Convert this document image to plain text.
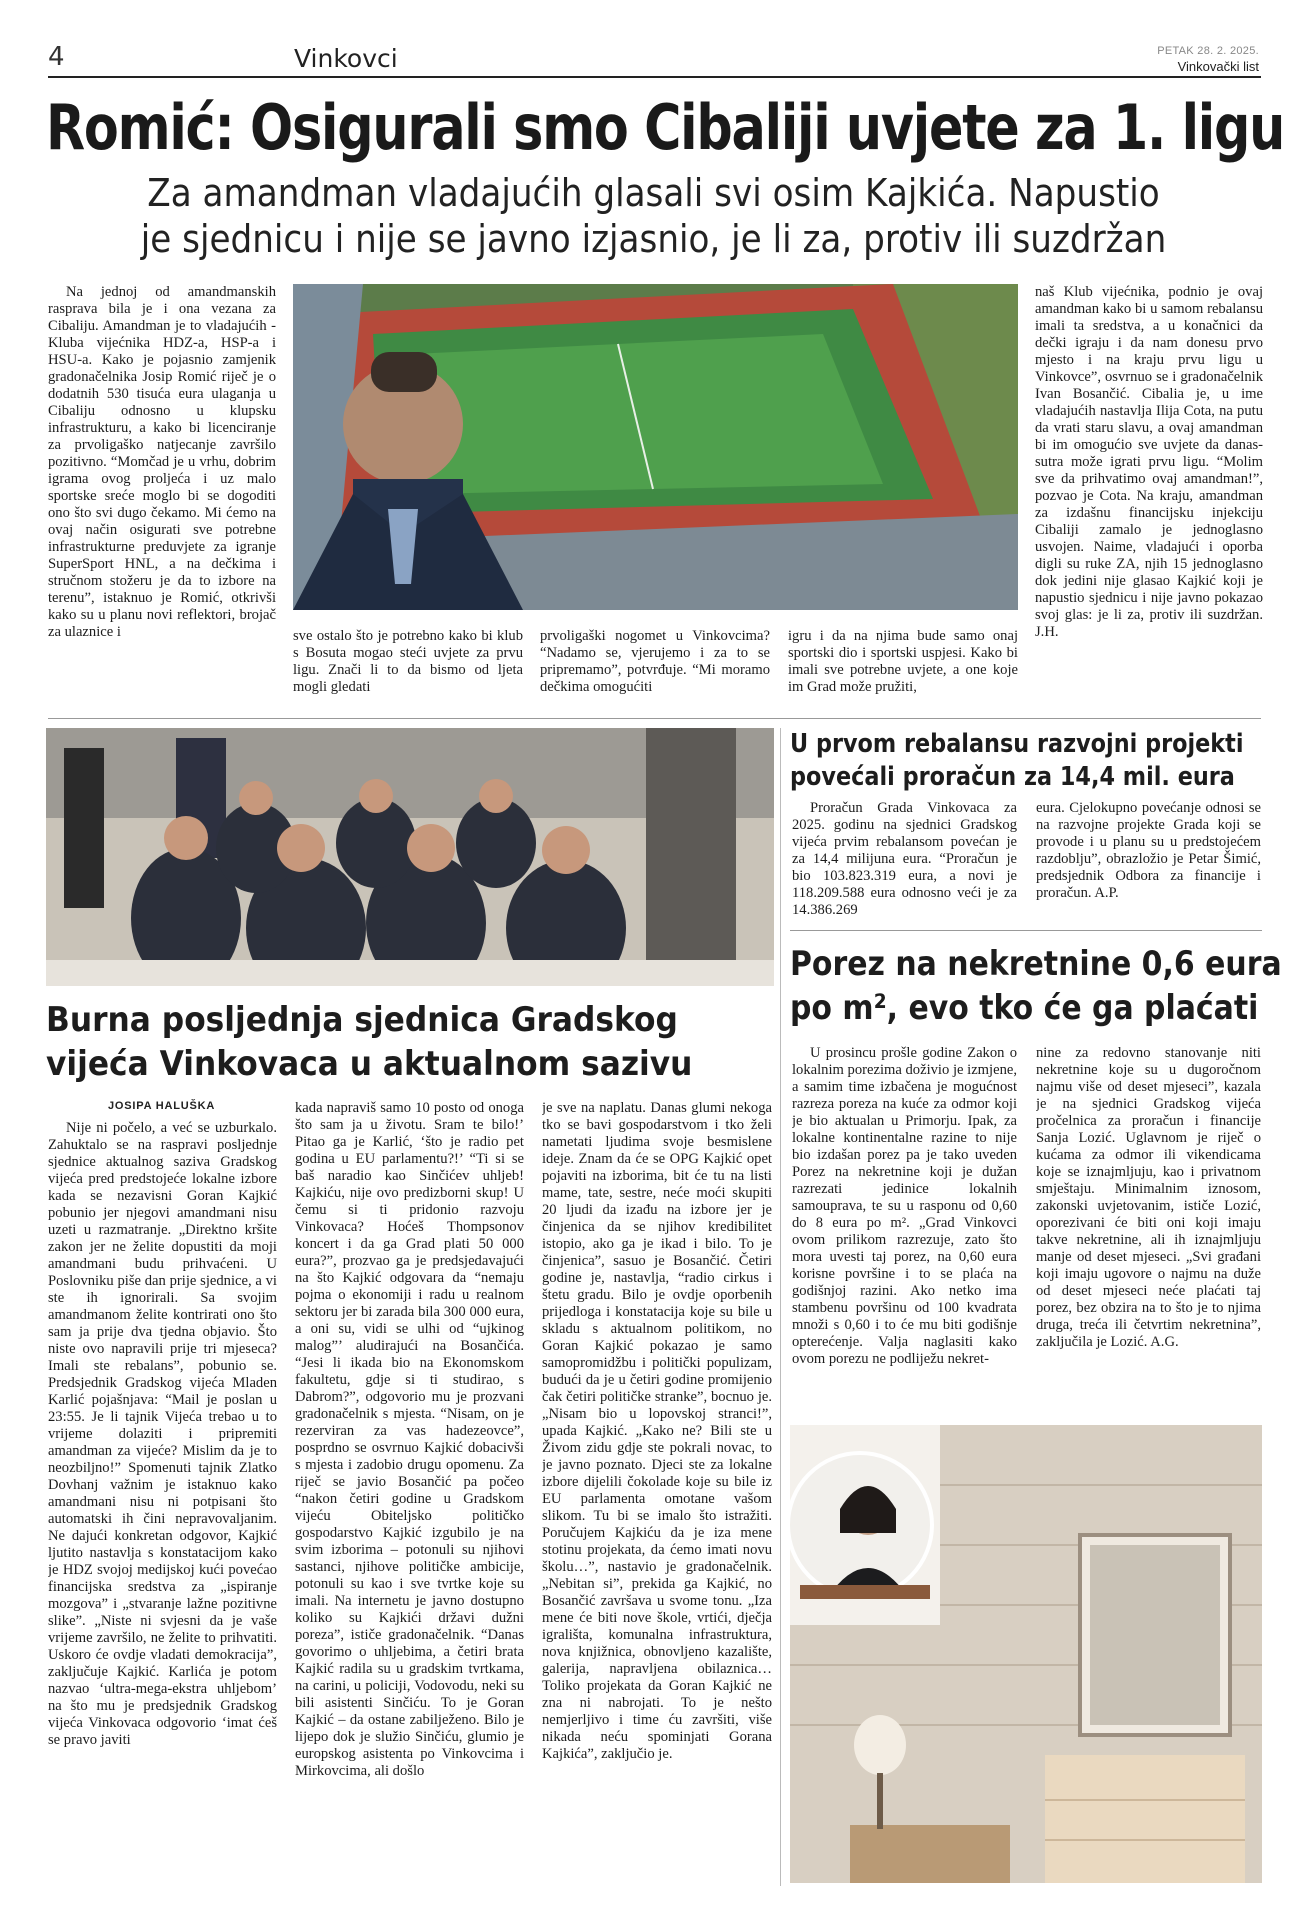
4	Vinkovci	PETAK 28. 2. 2025.
Vinkovački list
Romić: Osigurali smo Cibaliji uvjete za 1. ligu
Za amandman vladajućih glasali svi osim Kajkića. Napustio
je sjednicu i nije se javno izjasnio, je li za, protiv ili suzdržan

Na jednoj od amandmanskih rasprava bila je i ona vezana za Cibaliju. Amandman je to vladajućih - Kluba vijećnika HDZ-a, HSP-a i HSU-a. Kako je pojasnio zamjenik gradonačelnika Josip Romić riječ je o dodatnih 530 tisuća eura ulaganja u Cibaliju odnosno u klupsku infrastrukturu, a kako bi licenciranje za prvoligaško natjecanje završilo pozitivno. “Momčad je u vrhu, dobrim igrama ovog proljeća i uz malo sportske sreće moglo bi se dogoditi ono što svi dugo čekamo. Mi ćemo na ovaj način osigurati sve potrebne infrastrukturne preduvjete za igranje SuperSport HNL, a na dečkima i stručnom stožeru je da to izbore na terenu”, istaknuo je Romić, otkrivši kako su u planu novi reflektori, brojač za ulaznice i	sve ostalo što je potrebno kako bi klub s Bosuta mogao steći uvjete za prvu ligu. Znači li to da bismo od ljeta mogli gledati

prvoligaški nogomet u Vinkovcima? “Nadamo se, vjerujemo i za to se pripremamo”, potvrđuje. “Mi moramo dečkima omogućiti

igru i da na njima bude samo onaj sportski dio i sportski uspjesi. Kako bi imali sve potrebne uvjete, a one koje im Grad može pružiti,

naš Klub vijećnika, podnio je ovaj amandman kako bi u samom rebalansu imali ta sredstva, a u konačnici da dečki igraju i da nam donesu prvo mjesto i na kraju prvu ligu u Vinkovce”, osvrnuo se i gradonačelnik Ivan Bosančić. Cibalia je, u ime vladajućih nastavlja Ilija Cota, na putu da vrati staru slavu, a ovaj amandman bi im omogućio sve uvjete da danas-sutra može igrati prvu ligu. “Molim sve da prihvatimo ovaj amandman!”, pozvao je Cota. Na kraju, amandman za izdašnu financijsku injekciju Cibaliji zamalo je jednoglasno usvojen. Naime, vladajući i oporba digli su ruke ZA, njih 15 jednoglasno dok jedini nije glasao Kajkić koji je napustio sjednicu i nije javno pokazao svoj glas: je li za, protiv ili suzdržan. J.H.

Burna posljednja sjednica Gradskog
vijeća Vinkovaca u aktualnom sazivu
JOSIPA HALUŠKA

Nije ni počelo, a već se uzburkalo. Zahuktalo se na raspravi posljednje sjednice aktualnog saziva Gradskog vijeća pred predstojeće lokalne izbore kada se nezavisni Goran Kajkić pobunio jer njegovi amandmani nisu uzeti u razmatranje. „Direktno kršite zakon jer ne želite dopustiti da moji amandmani budu prihvaćeni. U Poslovniku piše dan prije sjednice, a vi ste ih ignorirali. Sa svojim amandmanom želite kontrirati ono što sam ja prije dva tjedna objavio. Što niste ovo napravili prije tri mjeseca? Imali ste rebalans”, pobunio se. Predsjednik Gradskog vijeća Mladen Karlić pojašnjava: “Mail je poslan u 23:55. Je li tajnik Vijeća trebao u to vrijeme dolaziti i pripremiti amandman za vijeće? Mislim da je to neozbiljno!” Spomenuti tajnik Zlatko Dovhanj važnim je istaknuo kako amandmani nisu ni potpisani što automatski ih čini nepravovaljanim. Ne dajući konkretan odgovor, Kajkić ljutito nastavlja s konstatacijom kako je HDZ svojoj medijskoj kući povećao financijska sredstva za „ispiranje mozgova” i „stvaranje lažne pozitivne slike”. „Niste ni svjesni da je vaše vrijeme završilo, ne želite to prihvatiti. Uskoro će ovdje vladati demokracija”, zaključuje Kajkić. Karlića je potom nazvao ‘ultra-mega-ekstra uhljebom’ na što mu je predsjednik Gradskog vijeća Vinkovaca odgovorio ‘imat ćeš se pravo javiti

kada napraviš samo 10 posto od onoga što sam ja u životu. Sram te bilo!’ Pitao ga je Karlić, ‘što je radio pet godina u EU parlamentu?!’ “Ti si se baš naradio kao Sinčićev uhljeb! Kajkiću, nije ovo predizborni skup! U čemu si ti pridonio razvoju Vinkovaca? Hoćeš Thompsonov koncert i da ga Grad plati 50 000 eura?”, prozvao ga je predsjedavajući na što Kajkić odgovara da “nemaju pojma o ekonomiji i radu u realnom sektoru jer bi zarada bila 300 000 eura, a oni su, vidi se ulhi od “ujkinog malog”’ aludirajući na Bosančića. “Jesi li ikada bio na Ekonomskom fakultetu, gdje si ti studirao, s Dabrom?”, odgovorio mu je prozvani gradonačelnik s mjesta. “Nisam, on je rezerviran za vas hadezeovce”, posprdno se osvrnuo Kajkić dobacivši s mjesta i zadobio drugu opomenu. Za riječ se javio Bosančić pa počeo “nakon četiri godine u Gradskom vijeću Obiteljsko političko gospodarstvo Kajkić izgubilo je na svim izborima – potonuli su njihovi sastanci, njihove političke ambicije, potonuli su kao i sve tvrtke koje su imali. Na internetu je javno dostupno koliko su Kajkići državi dužni poreza”, ističe gradonačelnik. “Danas govorimo o uhljebima, a četiri brata Kajkić radila su u gradskim tvrtkama, na carini, u policiji, Vodovodu, neki su bili asistenti Sinčiću. To je Goran Kajkić – da ostane zabilježeno. Bilo je lijepo dok je služio Sinčiću, glumio je europskog asistenta po Vinkovcima i Mirkovcima, ali došlo

je sve na naplatu. Danas glumi nekoga tko se bavi gospodarstvom i tko želi nametati ljudima svoje besmislene ideje. Znam da će se OPG Kajkić opet pojaviti na izborima, bit će tu na listi mame, tate, sestre, neće moći skupiti 20 ljudi da izađu na izbore jer je činjenica da se njihov kredibilitet istopio, ako ga je ikad i bilo. To je činjenica”, sasuo je Bosančić. Četiri godine je, nastavlja, “radio cirkus i štetu gradu. Bilo je ovdje oporbenih prijedloga i konstatacija koje su bile u skladu s aktualnom politikom, no Goran Kajkić pokazao je samo samopromidžbu i politički populizam, budući da je u četiri godine promijenio čak četiri političke stranke”, bocnuo je. „Nisam bio u lopovskoj stranci!”, upada Kajkić. „Kako ne? Bili ste u Živom zidu gdje ste pokrali novac, to je javno poznato. Djeci ste za lokalne izbore dijelili čokolade koje su bile iz EU parlamenta omotane vašom slikom. Tu bi se imalo što istražiti. Poručujem Kajkiću da je iza mene stotinu projekata, da ćemo imati novu školu…”, nastavio je gradonačelnik. „Nebitan si”, prekida ga Kajkić, no Bosančić završava u svome tonu. „Iza mene će biti nove škole, vrtići, dječja igrališta, komunalna infrastruktura, nova knjižnica, obnovljeno kazalište, galerija, napravljena obilaznica… Toliko projekata da Goran Kajkić ne zna ni nabrojati. To je nešto nemjerljivo i time ću završiti, više nikada neću spominjati Gorana Kajkića”, zaključio je.

U prvom rebalansu razvojni projekti
povećali proračun za 14,4 mil. eura

Proračun Grada Vinkovaca za 2025. godinu na sjednici Gradskog vijeća prvim rebalansom povećan je za 14,4 milijuna eura. “Proračun je bio 103.823.319 eura, a novi je 118.209.588 eura odnosno veći je za 14.386.269

eura. Cjelokupno povećanje odnosi se na razvojne projekte Grada koji se provode i u planu su u predstojećem razdoblju”, obrazložio je Petar Šimić, predsjednik Odbora za financije i proračun. A.P.

Porez na nekretnine 0,6 eura
po m², evo tko će ga plaćati

U prosincu prošle godine Zakon o lokalnim porezima doživio je izmjene, a samim time izbačena je mogućnost razreza poreza na kuće za odmor koji je bio aktualan u Primorju. Ipak, za lokalne kontinentalne razine to nije bio izdašan porez pa je tako uveden Porez na nekretnine koji je dužan razrezati jedinice lokalnih samouprava, te su u rasponu od 0,60 do 8 eura po m². „Grad Vinkovci ovom prilikom razrezuje, zato što mora uvesti taj porez, na 0,60 eura korisne površine i to se plaća na godišnjoj razini. Ako netko ima stambenu površinu od 100 kvadrata množi s 0,60 i to će mu biti godišnje opterećenje. Valja naglasiti kako ovom porezu ne podliježu nekret-

nine za redovno stanovanje niti nekretnine koje su u dugoročnom najmu više od deset mjeseci”, kazala je na sjednici Gradskog vijeća pročelnica za proračun i financije Sanja Lozić. Uglavnom je riječ o kućama za odmor ili vikendicama koje se iznajmljuju, kao i privatnom smještaju. Minimalnim iznosom, zakonski uvjetovanim, ističe Lozić, oporezivani će biti oni koji imaju takve nekretnine, ali ih iznajmljuju manje od deset mjeseci. „Svi građani koji imaju ugovore o najmu na duže od deset mjeseci neće plaćati taj porez, bez obzira na to što je to njima druga, treća ili četvrtim nekretnina”, zaključila je Lozić. A.G.
